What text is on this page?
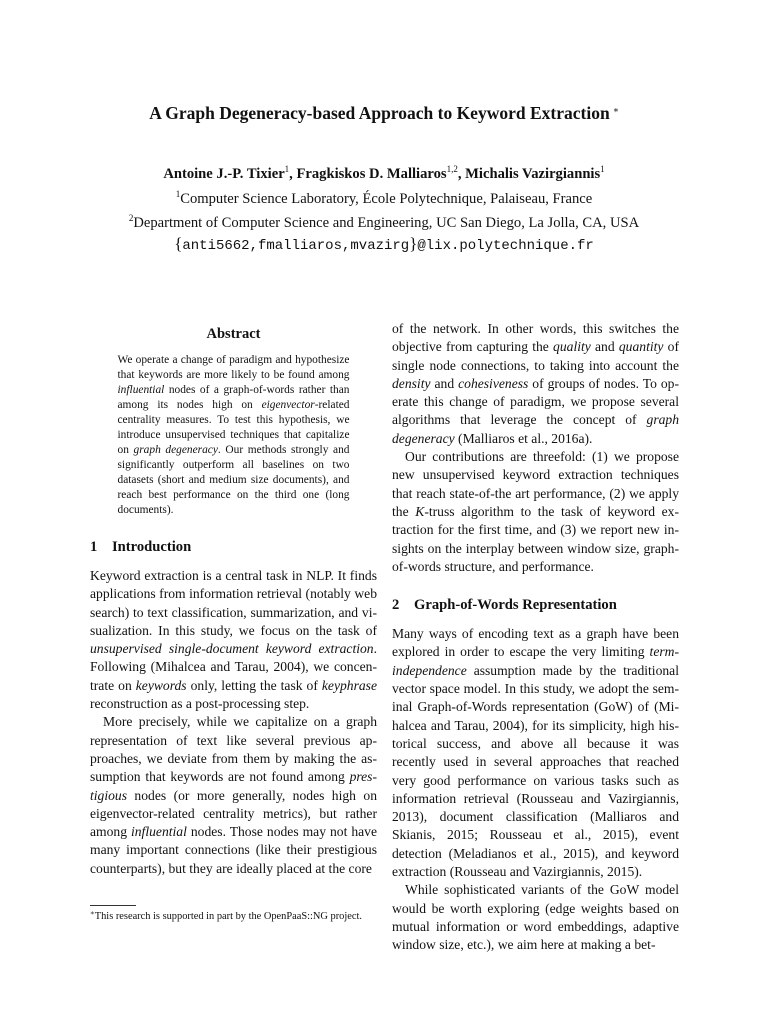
A Graph Degeneracy-based Approach to Keyword Extraction ∗
Antoine J.-P. Tixier$^1$, Fragkiskos D. Malliaros$^{1,2}$, Michalis Vazirgiannis$^1$
$^1$Computer Science Laboratory, École Polytechnique, Palaiseau, France
$^2$Department of Computer Science and Engineering, UC San Diego, La Jolla, CA, USA
{anti5662,fmalliaros,mvazirg}@lix.polytechnique.fr
Abstract
We operate a change of paradigm and hypothesize that keywords are more likely to be found among influential nodes of a graph-of-words rather than among its nodes high on eigenvector-related centrality measures. To test this hypothesis, we introduce unsupervised techniques that capitalize on graph degeneracy. Our methods strongly and significantly outperform all baselines on two datasets (short and medium size documents), and reach best performance on the third one (long documents).
1 Introduction

Keyword extraction is a central task in NLP. It finds applications from information retrieval (notably web search) to text classification, summarization, and visualization. In this study, we focus on the task of unsupervised single-document keyword extraction. Following (Mihalcea and Tarau, 2004), we concentrate on keywords only, letting the task of keyphrase reconstruction as a post-processing step.

More precisely, while we capitalize on a graph representation of text like several previous approaches, we deviate from them by making the assumption that keywords are not found among prestigious nodes (or more generally, nodes high on eigenvector-related centrality metrics), but rather among influential nodes. Those nodes may not have many important connections (like their prestigious counterparts), but they are ideally placed at the core

of the network. In other words, this switches the objective from capturing the quality and quantity of single node connections, to taking into account the density and cohesiveness of groups of nodes. To operate this change of paradigm, we propose several algorithms that leverage the concept of graph degeneracy (Malliaros et al., 2016a).

Our contributions are threefold: (1) we propose new unsupervised keyword extraction techniques that reach state-of-the art performance, (2) we apply the K-truss algorithm to the task of keyword extraction for the first time, and (3) we report new insights on the interplay between window size, graph-of-words structure, and performance.

2 Graph-of-Words Representation

Many ways of encoding text as a graph have been explored in order to escape the very limiting term-independence assumption made by the traditional vector space model. In this study, we adopt the seminal Graph-of-Words representation (GoW) of (Mihalcea and Tarau, 2004), for its simplicity, high historical success, and above all because it was recently used in several approaches that reached very good performance on various tasks such as information retrieval (Rousseau and Vazirgiannis, 2013), document classification (Malliaros and Skianis, 2015; Rousseau et al., 2015), event detection (Meladianos et al., 2015), and keyword extraction (Rousseau and Vazirgiannis, 2015).

While sophisticated variants of the GoW model would be worth exploring (edge weights based on mutual information or word embeddings, adaptive window size, etc.), we aim here at making a bet-

∗This research is supported in part by the OpenPaaS::NG project.
